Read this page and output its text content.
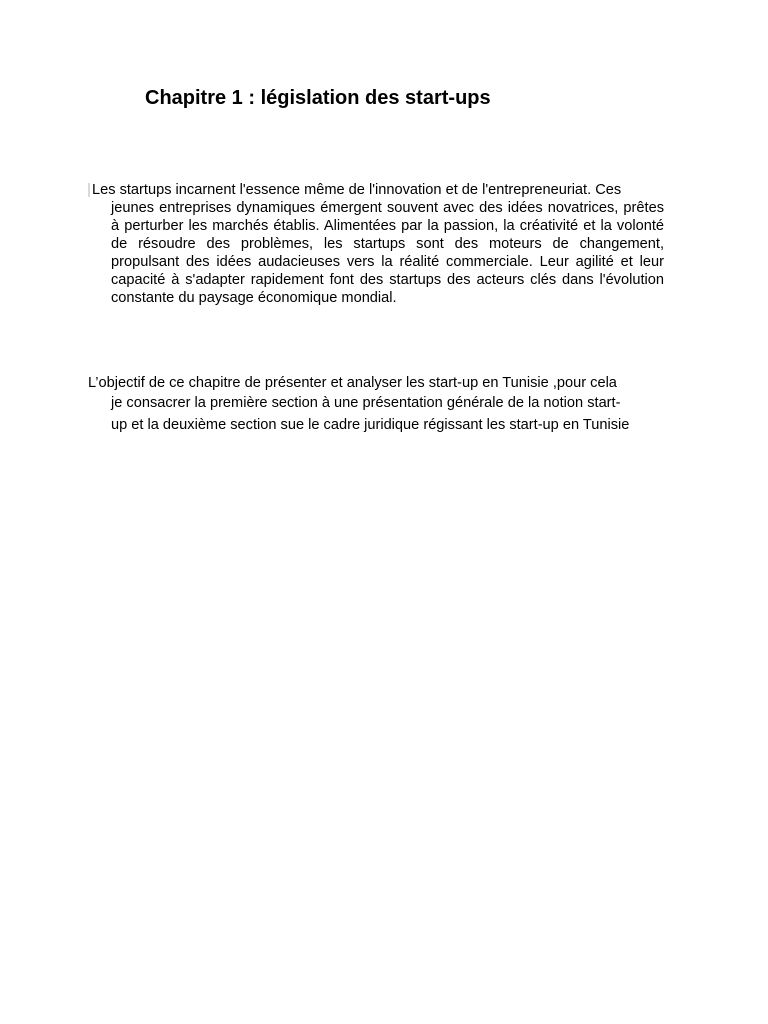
Chapitre 1 : législation des start-ups

Les startups incarnent l'essence même de l'innovation et de l'entrepreneuriat. Ces
jeunes entreprises dynamiques émergent souvent avec des idées novatrices, prêtes à perturber les marchés établis. Alimentées par la passion, la créativité et la volonté de résoudre des problèmes, les startups sont des moteurs de changement, propulsant des idées audacieuses vers la réalité commerciale. Leur agilité et leur capacité à s'adapter rapidement font des startups des acteurs clés dans l'évolution constante du paysage économique mondial.

L’objectif de ce chapitre de présenter et analyser les start-up en Tunisie ,pour cela
je consacrer la première section à une présentation générale de la notion start-
up et la deuxième section sue le cadre juridique régissant les start-up en Tunisie
